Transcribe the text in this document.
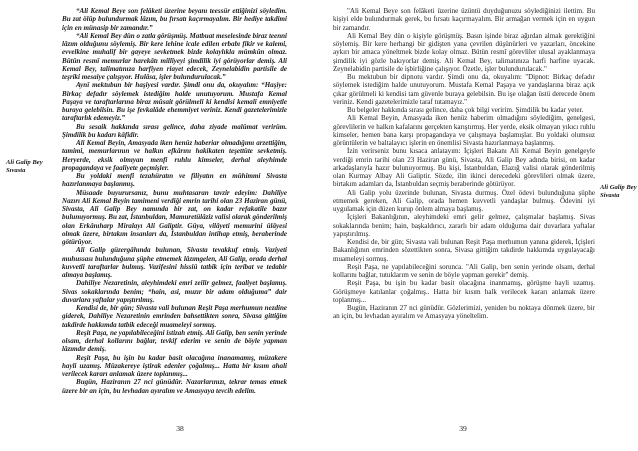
“Ali Kemal Beye son felâketi üzerine beyanı teessür ettiğinizi söyledim. Bu zat ölüp bulundurmak lâzım, bu fırsatı kaçırmayalım. Bir hediye takdimi için en münasip bir zamandır.”

“Ali Kemal Bey dün o zatla görüşmüş. Matbuat meselesinde biraz teenni lâzım olduğunu söylemiş. Bir kere lehine icale edilen erbabı fikir ve kalemi, evvelkine muhalif bir gayeye sevketmek bizde kolaylıkla mümkün olmaz. Bütün resmî memurlar harekâtı millîyeyi şimdilik iyi görüyorlar demiş. Ali Kemal Bey, talimatınıza harfiyen riayet edecek, Zeynelabidin partisile de teşriki mesaiye çalışıyor. Hulâsa, işler bulundurulacak.”

Aynî mektubun bir haşiyesi vardır. Şimdi onu da, okuyalım: “Haşiye: Birkaç defadır söylemek istediğim halde unutuyorum. Mustafa Kemal Paşaya ve taraftarlarına biraz müsait görülmeli ki kendisi kemali emniyetle buraya gelebilsin. Bu işe fevkalâde ehemmiyet veriniz. Kendi gazetelerimizle taraftarlık edemeyiz.”

Bu sesaik hakkında sırası gelince, daha ziyade malûmat verirüm. Şimdilik bu kadarı kâfidir.

Ali Kemal Beyin, Amasyada iken henüz haberiar olmadığımı arzettiğim, tamimi, memurlarının ve halkın efkârını hakikaten teşettüte sevketmiş. Heryerde, eksik olmıyan menfi ruhlu kimseler, derhal aleyhimde propagandaya ve faaliyete geçmişler.

Bu yoldaki menfi tezahüratın ve filiyatın en mühimmi Sivasta hazırlanmaya başlanmış.

Müsaade buyurursanız, bunu muhtasaran tavzir edeyim: Dahiliye Nazırı Ali Kemal Beyin tamimeni verdiği emrin tarihi olan 23 Haziran günü, Sivasta, Ali Galip Bey namında bir zat, on kadar refakatile bazır bulunuyormuş. Bu zat, İstanbuldan, Mamuretülâziz valisi olarak gönderilmiş olan Erkânıharp Miralayı Ali Galiptir. Güya, vilâyeti memurini ülâyesi olmak üzere, birtakım insanları da, İstanbuldan intihap etmiş, beraberinde götürüyor.

Ali Galip güzergâhında bulunan, Sivasta tevakkuf etmiş. Vaziyeti muhussası bulunduğuna şüphe etmemek lâzımgelen, Ali Galip, orada derhal kuvvetli taraftarlar bulmuş. Vazifesini hissiü tatbik için teribat ve tedabir almaya başlamış.

Dahiliye Nezaretinin, aleyhimdeki emri zeilir gelmez, faaliyet başlamış. Sivas sokaklarında benim; “hain, asi, muzır bir adam olduğuma” dair duvarlara yaftalar yapıştırılmış.

Kendisi de, bir gün; Sivasta vali bulunan Reşit Paşa merhumun nezdine giderek, Dahiliye Nezaretinin emrinden bahsettikten sonra, Sivasa gittiğim takdirde hakkımda tatbik edeceği muameleyi sormuş.

Reşit Paşa, ne yapılabileceğini istizah etmiş. Ali Galip, ben senin yerinde olsam, derhal kollarını bağlar, tevkif ederim ve senin de böyle yapman lâzımdır demiş.

Reşit Paşa, bu işin bu kadar basit olacağına inanamamış, müzakere hayli uzamış. Müzakereye iştirak edenler çoğalmış... Hatta bir kısım ahali verilecek kararı anlamak üzere toplanmış...

Bugün, Haziranın 27 nci günüdür. Nazarlarınızı, tekrar temas etmek üzere bir an için, bu levhadan ayıralım ve Amasyaya tevcih edelim.

Ali Galip Bey Sıvasta
38

"Ali Kemal Beye son felâketi üzerine üzüntü duyduğunuzu söylediğinizi ilettim. Bu kişiyi elde bulundurmak gerek, bu fırsatı kaçırmayalım. Bir armağan vermek için en uygun bir zamandır.

Ali Kemal Bey dün o kişiyle görüşmüş. Basın işinde biraz ağırdan almak gerektiğini söylemiş. Bir kere herhangi bir gidişten yana çevrilen düşünürleri ve yazarları, öncekine aykırı bir amaca yöneltmek bizde kolay olmaz. Bütün resmî görevliler ulusal ayaklanmaya şimdilik iyi gözle bakıyorlar demiş. Ali Kemal Bey, talimatınıza harfi harfine uyacak. Zeynelabidin partisile de işbirliğine çalışıyor. Özetle, işler bulundurulacak."

Bu mektubun bir dipnotu vardır. Şimdi onu da, okuyalım: "Dipnot: Birkaç defadır söylemek istediğim halde unutuyorum. Mustafa Kemal Paşaya ve yandaşlarına biraz açık çıkar görülmeli ki kendisi tam güvenle buraya gelebilsin. Bu işe olağan üstü derecede önem veriniz. Kendi gazetelerimizle taraf tutamayız."

Bu belgeler hakkında sırası gelince, daha çok bilgi veririm. Şimdilik bu kadar yeter.

Ali Kemal Beyin, Amasyada iken henüz haberim olmadığını söylediğim, genelgesi, görevlilerin ve halkın kafalarını gerçekten karıştırmış. Her yerde, eksik olmayan yıkıcı ruhlu kimseler, hemen bana karşı propagandaya ve çalışmaya başlamışlar. Bu yoldaki olumsuz görüntülerin ve baltalayıcı işlerin en önemlisi Sivasta hazırlanmaya başlanmış.

İzin verirseniz bunu kısaca anlatayım: İçişleri Bakanı Ali Kemal Beyin genelgeyle verdiği emrin tarihi olan 23 Haziran günü, Sivasta, Ali Galip Bey adında birisi, on kadar arkadaşlarıyla hazır bulunuyormuş. Bu kişi, İstanbuldan, Elazığ valisi olarak gönderilmiş olan Kurmay Albay Ali Galiptir. Sözde, ilin ikinci derecedeki görevlileri olmak üzere, birtakım adamları da, İstanbuldan seçmiş beraberinde götürüyor.

Ali Galip yolu üzerinde bulunan, Sivasta durmuş. Özel ödevi bulunduğuna şüphe etmemek gereken, Ali Galip, orada hemen kuvvetli yandaşlar bulmuş. Ödevini iyi uygulamak için düzen kurup önlem almaya başlamış.

İçişleri Bakanlığının, aleyhimdeki emri gelir gelmez, çalışmalar başlamış. Sivas sokaklarında benim; hain, başkaldırıcı, zararlı bir adam olduğuma dair duvarlara yaftalar yapıştırılmış.

Kendisi de, bir gün; Sivasta vali bulunan Reşit Paşa merhumun yanına giderek, İçişleri Bakanlığının emrinden sözettikten sonra, Sivasa gittiğim takdirde hakkımda uygulayacağı muameleyi sormuş.

Reşit Paşa, ne yapılabileceğini sorunca. "Ali Galip, ben senin yerinde olsam, derhal kollarını bağlar, tutuklarım ve senin de böyle yapman gerekir" demiş.

Reşit Paşa, bu işin bu kadar basit olacağına inanmamış, görüşme hayli uzamış. Görüşmeye katılanlar çoğalmış.. Hatta bir kısım halk verilecek kararı anlamak üzere toplanmış...

Bugün, Haziranın 27 nci günüdür. Gözlerimizi, yeniden bu noktaya dönmek üzere, bir an için, bu levhadan ayıralım ve Amasyaya yöneltelim.

Ali Galip Bey Sivasta
39
